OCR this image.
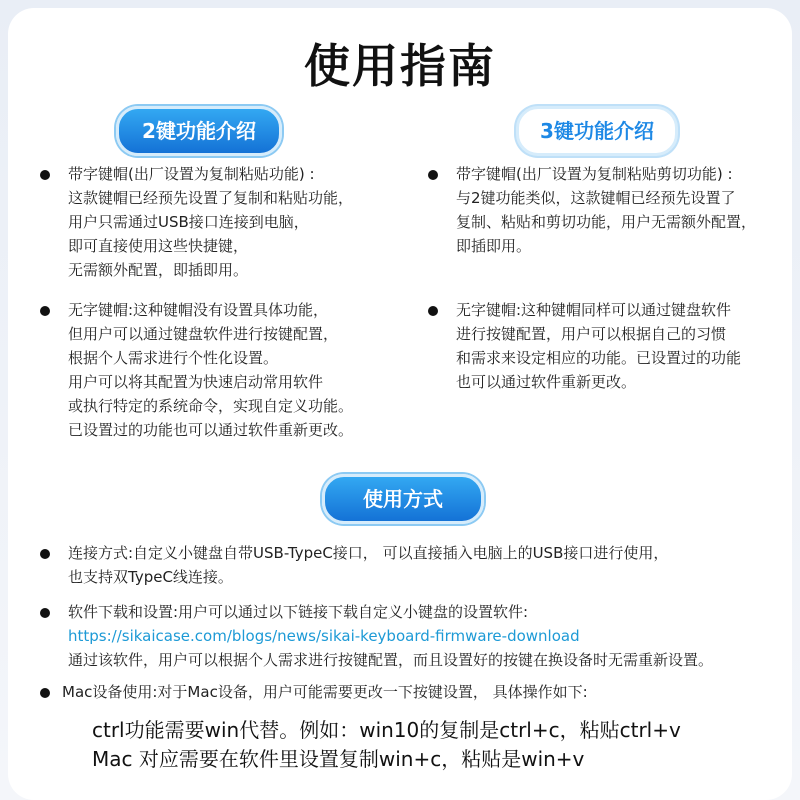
使用指南
2键功能介绍	3键功能介绍
带字键帽(出厂设置为复制粘贴功能) :
这款键帽已经预先设置了复制和粘贴功能，
用户只需通过USB接口连接到电脑，
即可直接使用这些快捷键，
无需额外配置，即插即用。
无字键帽:这种键帽没有设置具体功能，
但用户可以通过键盘软件进行按键配置，
根据个人需求进行个性化设置。
用户可以将其配置为快速启动常用软件
或执行特定的系统命令，实现自定义功能。
已设置过的功能也可以通过软件重新更改。
带字键帽(出厂设置为复制粘贴剪切功能) :
与2键功能类似，这款键帽已经预先设置了
复制、粘贴和剪切功能，用户无需额外配置，
即插即用。
无字键帽:这种键帽同样可以通过键盘软件
进行按键配置，用户可以根据自己的习惯
和需求来设定相应的功能。已设置过的功能
也可以通过软件重新更改。
使用方式
连接方式:自定义小键盘自带USB-TypeC接口， 可以直接插入电脑上的USB接口进行使用，
也支持双TypeC线连接。
软件下载和设置:用户可以通过以下链接下载自定义小键盘的设置软件:
https://sikaicase.com/blogs/news/sikai-keyboard-firmware-download
通过该软件，用户可以根据个人需求进行按键配置，而且设置好的按键在换设备时无需重新设置。
Mac设备使用:对于Mac设备，用户可能需要更改一下按键设置， 具体操作如下:
ctrl功能需要win代替。例如：win10的复制是ctrl+c，粘贴ctrl+v
Mac 对应需要在软件里设置复制win+c，粘贴是win+v
